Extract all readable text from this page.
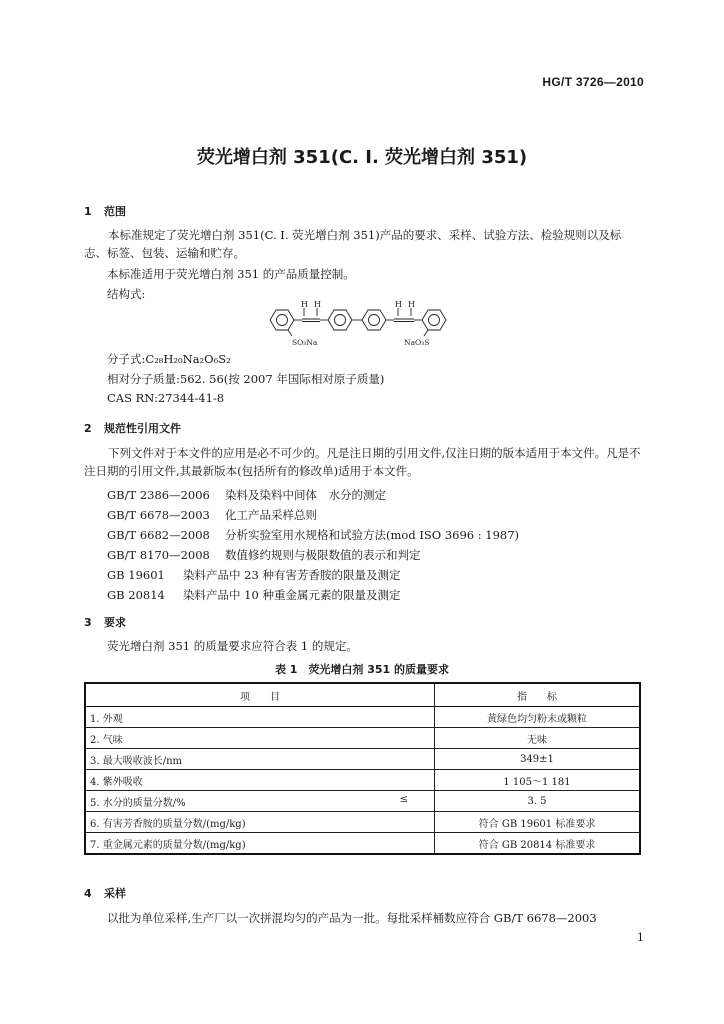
HG/T 3726—2010
荧光增白剂 351(C. I. 荧光增白剂 351)
1 范围
本标准规定了荧光增白剂 351(C. I. 荧光增白剂 351)产品的要求、采样、试验方法、检验规则以及标志、标签、包装、运输和贮存。
本标准适用于荧光增白剂 351 的产品质量控制。
结构式:
H H	H H
SO₃Na	NaO₃S
分子式:C₂₈H₂₀Na₂O₆S₂
相对分子质量:562. 56(按 2007 年国际相对原子质量)
CAS RN:27344-41-8
2 规范性引用文件
下列文件对于本文件的应用是必不可少的。凡是注日期的引用文件,仅注日期的版本适用于本文件。凡是不注日期的引用文件,其最新版本(包括所有的修改单)适用于本文件。
GB/T 2386—2006 染料及染料中间体　水分的测定
GB/T 6678—2003 化工产品采样总则
GB/T 6682—2008 分析实验室用水规格和试验方法(mod ISO 3696 : 1987)
GB/T 8170—2008 数值修约规则与极限数值的表示和判定
GB 19601 染料产品中 23 种有害芳香胺的限量及测定
GB 20814 染料产品中 10 种重金属元素的限量及测定
3 要求
荧光增白剂 351 的质量要求应符合表 1 的规定。
表 1　荧光增白剂 351 的质量要求
项　　目	指　　标
1. 外观	黄绿色均匀粉末或颗粒
2. 气味	无味
3. 最大吸收波长/nm	349±1
4. 紫外吸收	1 105～1 181
5. 水分的质量分数/% ≤	3. 5
6. 有害芳香胺的质量分数/(mg/kg)	符合 GB 19601 标准要求
7. 重金属元素的质量分数/(mg/kg)	符合 GB 20814 标准要求
4 采样
以批为单位采样,生产厂以一次拼混均匀的产品为一批。每批采样桶数应符合 GB/T 6678—2003
1
